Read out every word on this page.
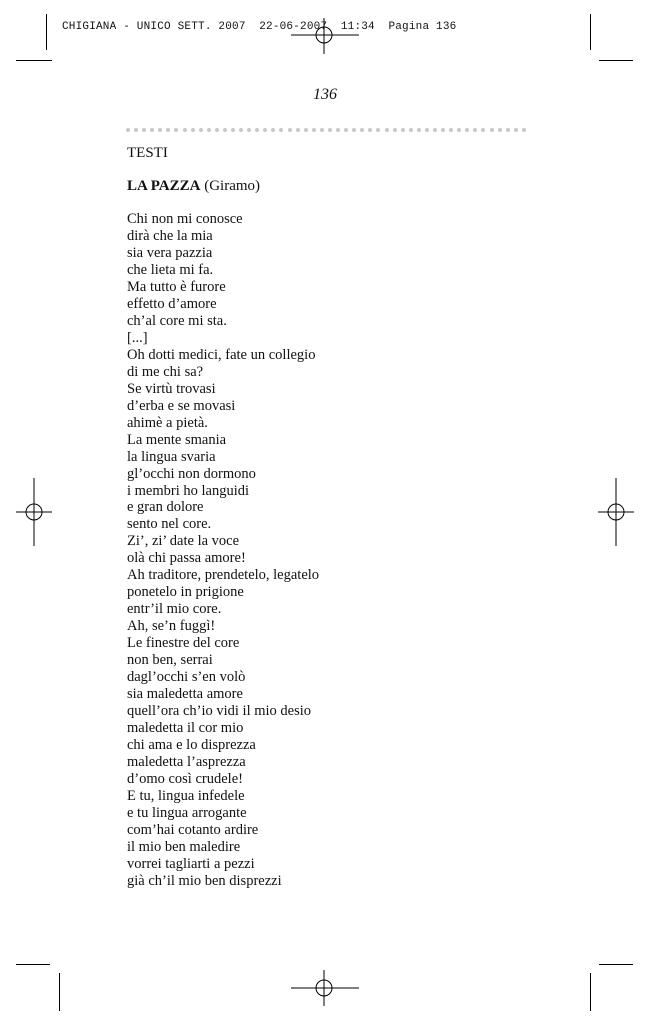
CHIGIANA - UNICO SETT. 2007  22-06-2007  11:34  Pagina 136
136
TESTI
LA PAZZA (Giramo)
Chi non mi conosce
dirà che la mia
sia vera pazzia
che lieta mi fa.
Ma tutto è furore
effetto d’amore
ch’al core mi sta.
[...]
Oh dotti medici, fate un collegio
di me chi sa?
Se virtù trovasi
d’erba e se movasi
ahimè a pietà.
La mente smania
la lingua svaria
gl’occhi non dormono
i membri ho languidi
e gran dolore
sento nel core.
Zi’, zi’ date la voce
olà chi passa amore!
Ah traditore, prendetelo, legatelo
ponetelo in prigione
entr’il mio core.
Ah, se’n fuggì!
Le finestre del core
non ben, serrai
dagl’occhi s’en volò
sia maledetta amore
quell’ora ch’io vidi il mio desio
maledetta il cor mio
chi ama e lo disprezza
maledetta l’asprezza
d’omo così crudele!
E tu, lingua infedele
e tu lingua arrogante
com’hai cotanto ardire
il mio ben maledire
vorrei tagliarti a pezzi
già ch’il mio ben disprezzi
